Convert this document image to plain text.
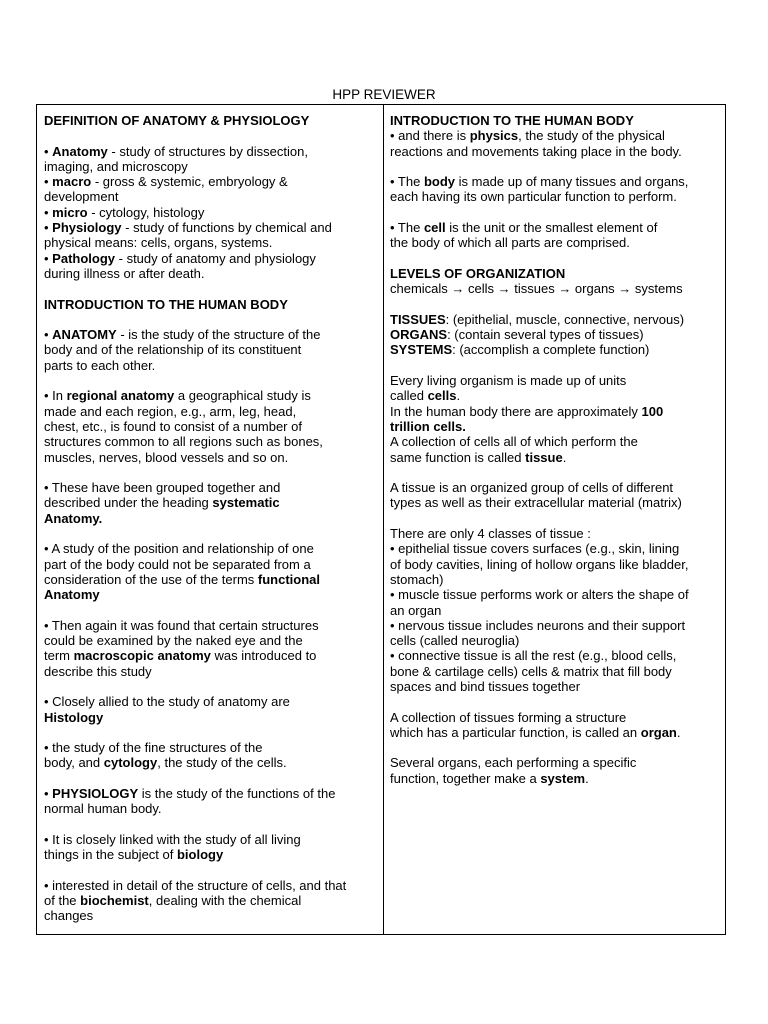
HPP REVIEWER

DEFINITION OF ANATOMY & PHYSIOLOGY

• Anatomy - study of structures by dissection,
imaging, and microscopy
• macro - gross & systemic, embryology &
development
• micro - cytology, histology
• Physiology - study of functions by chemical and
physical means: cells, organs, systems.
• Pathology - study of anatomy and physiology
during illness or after death.

INTRODUCTION TO THE HUMAN BODY

• ANATOMY - is the study of the structure of the
body and of the relationship of its constituent
parts to each other.

• In regional anatomy a geographical study is
made and each region, e.g., arm, leg, head,
chest, etc., is found to consist of a number of
structures common to all regions such as bones,
muscles, nerves, blood vessels and so on.

• These have been grouped together and
described under the heading systematic
Anatomy.

• A study of the position and relationship of one
part of the body could not be separated from a
consideration of the use of the terms functional
Anatomy

• Then again it was found that certain structures
could be examined by the naked eye and the
term macroscopic anatomy was introduced to
describe this study

• Closely allied to the study of anatomy are
Histology

• the study of the fine structures of the
body, and cytology, the study of the cells.

• PHYSIOLOGY is the study of the functions of the
normal human body.

• It is closely linked with the study of all living
things in the subject of biology

• interested in detail of the structure of cells, and that
of the biochemist, dealing with the chemical
changes

INTRODUCTION TO THE HUMAN BODY

• and there is physics, the study of the physical
reactions and movements taking place in the body.

• The body is made up of many tissues and organs,
each having its own particular function to perform.

• The cell is the unit or the smallest element of
the body of which all parts are comprised.

LEVELS OF ORGANIZATION
chemicals → cells → tissues → organs → systems

TISSUES: (epithelial, muscle, connective, nervous)
ORGANS: (contain several types of tissues)
SYSTEMS: (accomplish a complete function)

Every living organism is made up of units
called cells.
In the human body there are approximately 100
trillion cells.
A collection of cells all of which perform the
same function is called tissue.

A tissue is an organized group of cells of different
types as well as their extracellular material (matrix)

There are only 4 classes of tissue :
• epithelial tissue covers surfaces (e.g., skin, lining
of body cavities, lining of hollow organs like bladder,
stomach)
• muscle tissue performs work or alters the shape of
an organ
• nervous tissue includes neurons and their support
cells (called neuroglia)
• connective tissue is all the rest (e.g., blood cells,
bone & cartilage cells) cells & matrix that fill body
spaces and bind tissues together

A collection of tissues forming a structure
which has a particular function, is called an organ.

Several organs, each performing a specific
function, together make a system.
